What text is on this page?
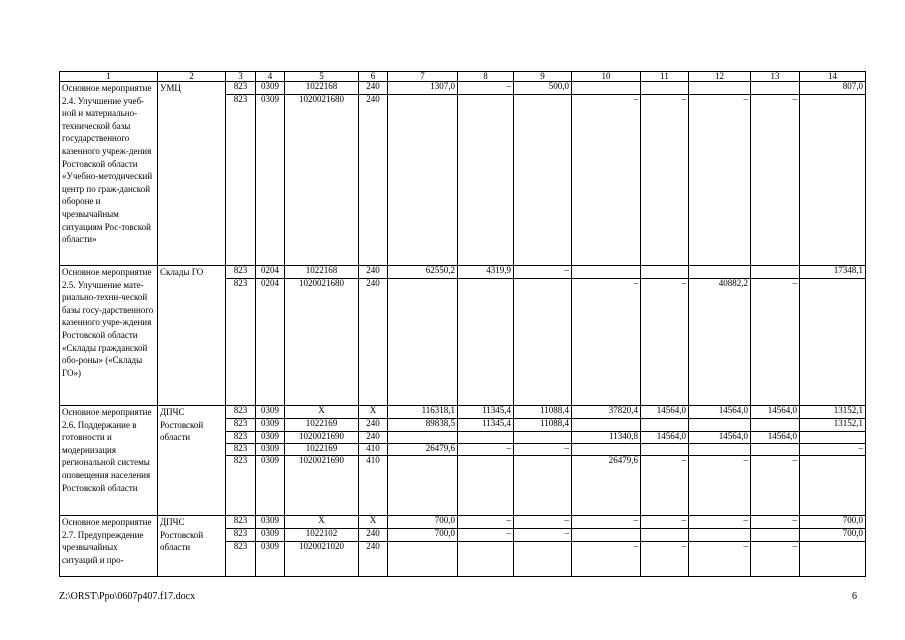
1	2	3	4	5	6	7	8	9	10	11	12	13	14
Основное мероприятие 2.4. Улучшение учеб-ной и материально-технической базы государственного казенного учреж-дения Ростовской области «Учебно-методический центр по граж-данской обороне и чрезвычайным ситуациям Рос-товской области»	УМЦ	823	0309	1022168	240	1307,0	–	500,0					807,0
		823	0309	1020021680	240				–	–	–	–	
Основное мероприятие 2.5. Улучшение мате-риально-техни-ческой базы госу-дарственного казенного учре-ждения Ростовской области «Склады гражданской обо-роны» («Склады ГО»)	Склады ГО	823	0204	1022168	240	62550,2	4319,9	–					17348,1
		823	0204	1020021680	240				–	–	40882,2	–	
Основное мероприятие 2.6. Поддержание в готовности и модернизация региональной системы оповещения населения Ростовской области	ДПЧС Ростовской области	823	0309	Х	Х	116318,1	11345,4	11088,4	37820,4	14564,0	14564,0	14564,0	13152,1
		823	0309	1022169	240	89838,5	11345,4	11088,4					13152,1
		823	0309	1020021690	240				11340,8	14564,0	14564,0	14564,0	
		823	0309	1022169	410	26479,6	–	–					–
		823	0309	1020021690	410				26479,6	–	–	–	
Основное мероприятие 2.7. Предупреждение чрезвычайных ситуаций и про-	ДПЧС Ростовской области	823	0309	Х	Х	700,0	–	–	–	–	–	–	700,0
		823	0309	1022102	240	700,0	–	–					700,0
		823	0309	1020021020	240				–	–	–	–	
Z:\ORST\Ppo\0607p407.f17.docx	6
